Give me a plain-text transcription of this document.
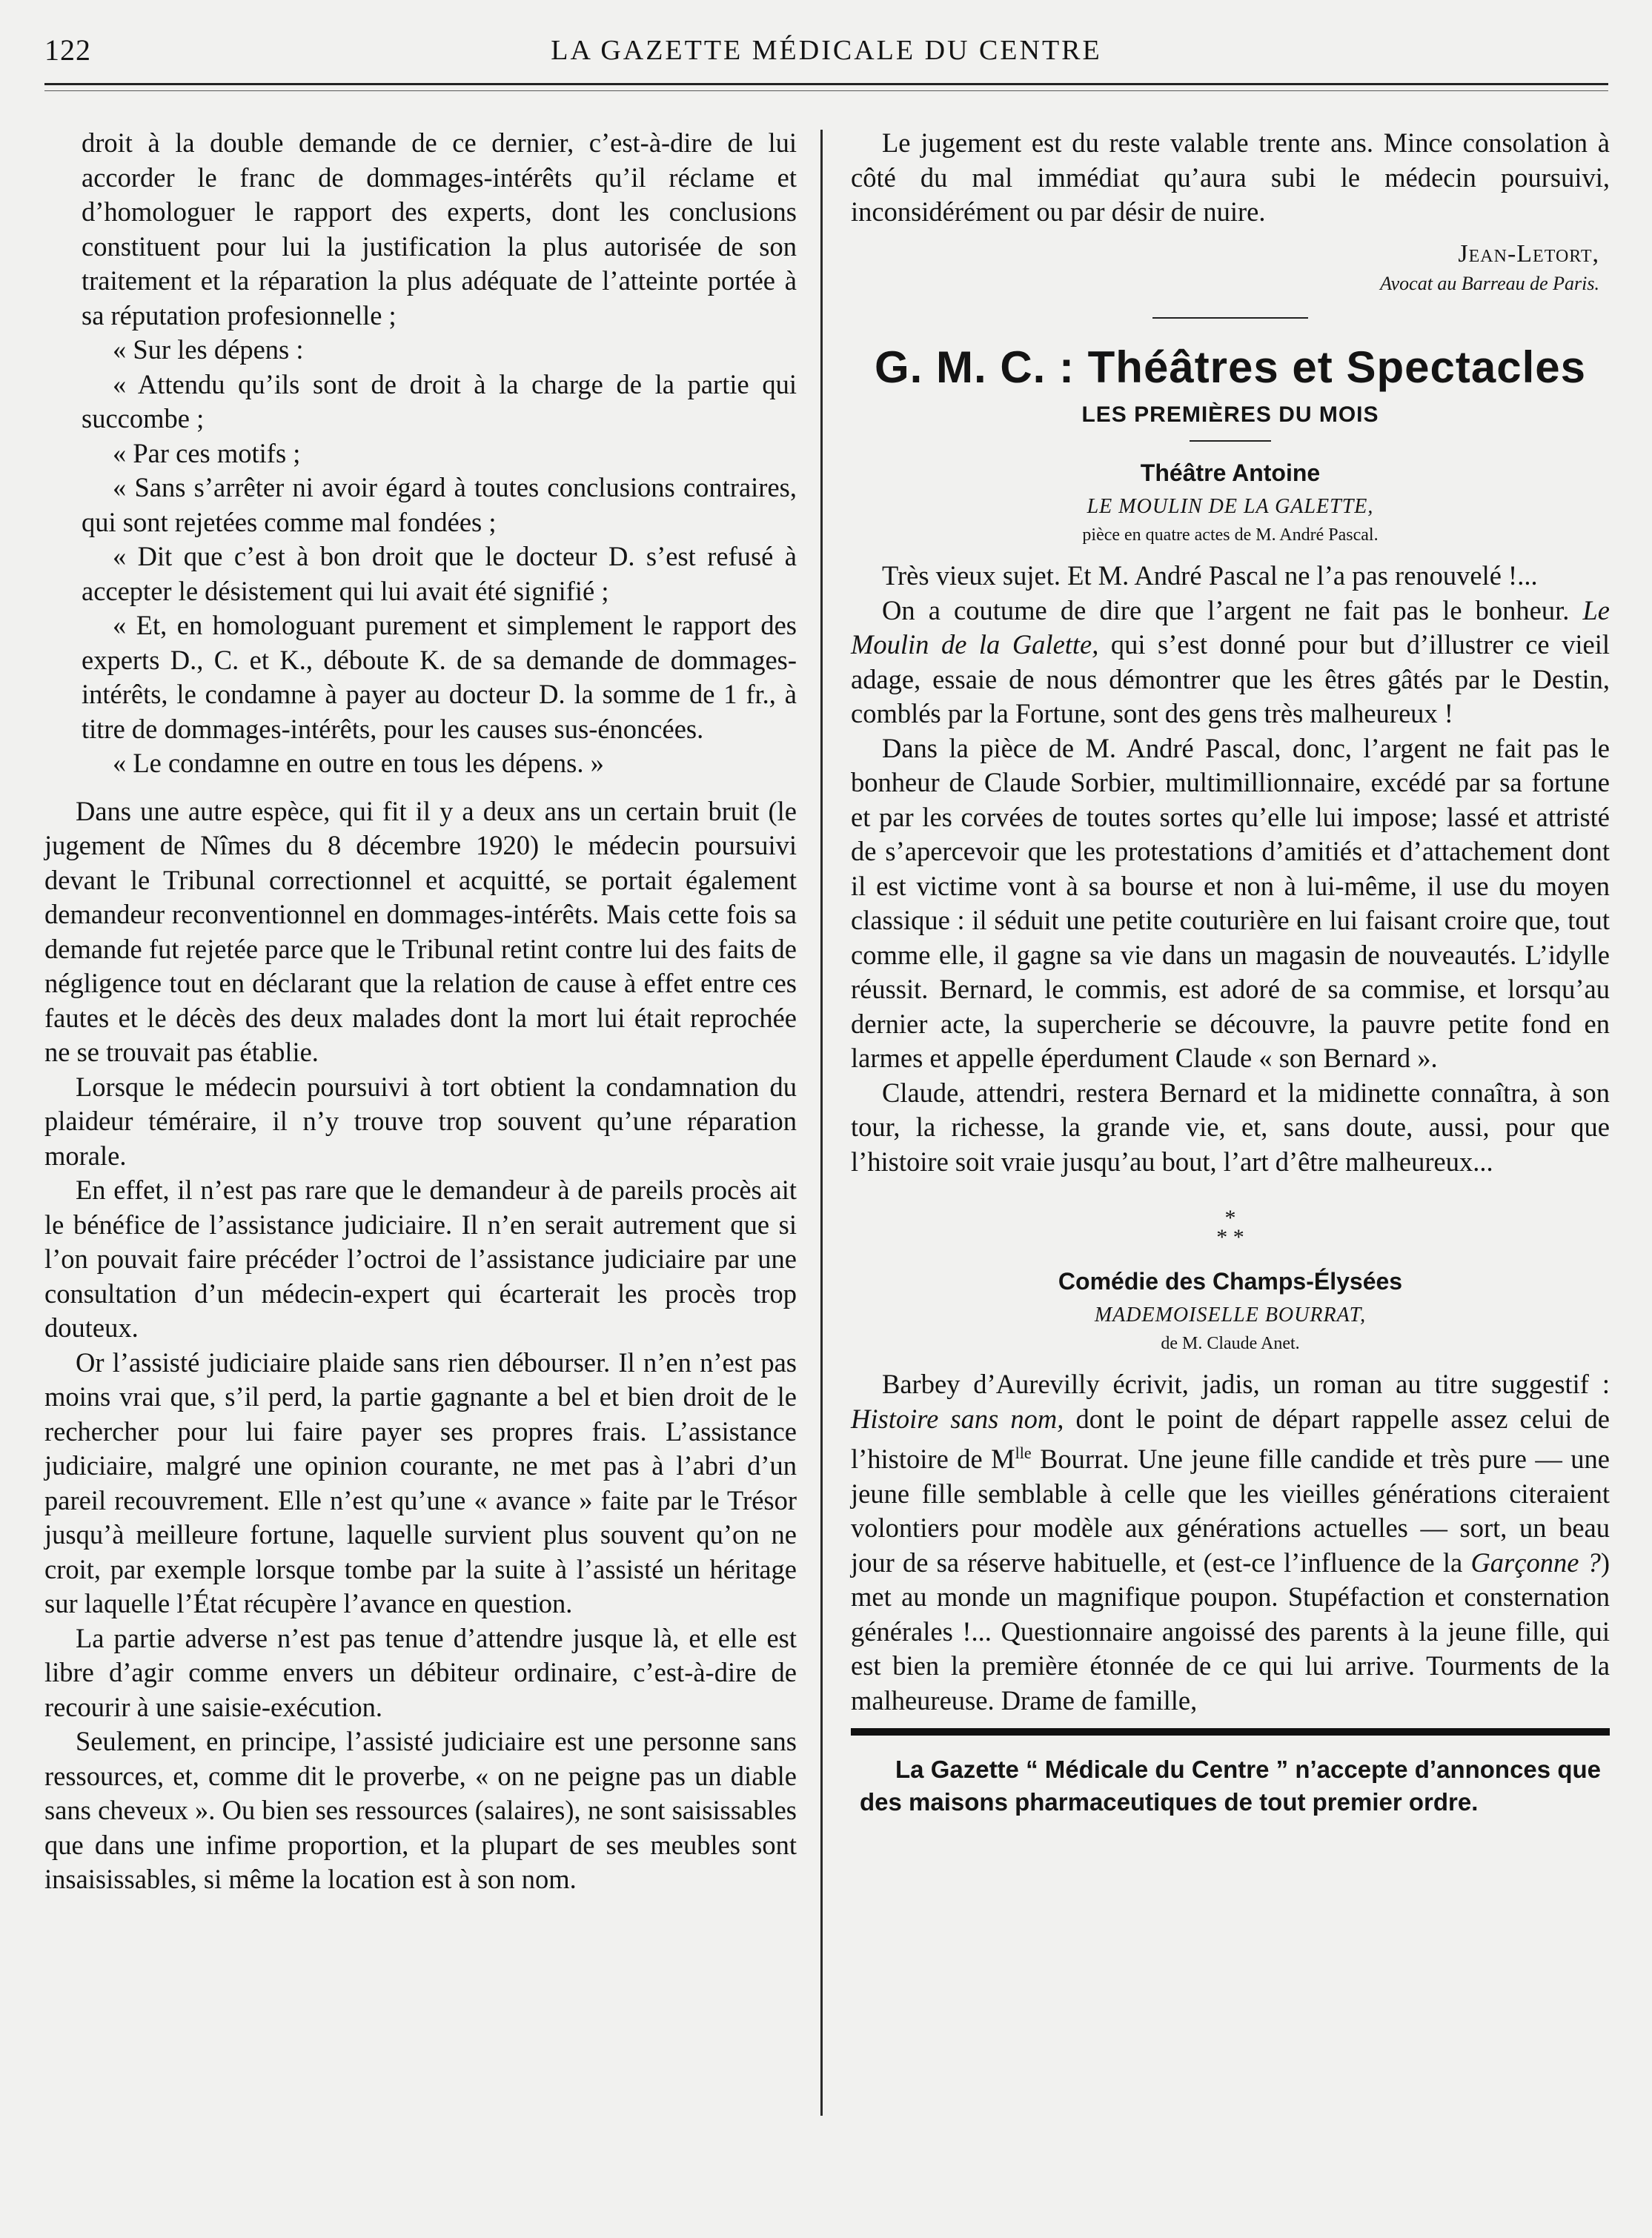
122	LA GAZETTE MÉDICALE DU CENTRE

droit à la double demande de ce dernier, c’est-à-dire de lui accorder le franc de dommages-intérêts qu’il réclame et d’homologuer le rapport des experts, dont les conclusions constituent pour lui la justification la plus autorisée de son traitement et la réparation la plus adéquate de l’atteinte portée à sa réputation profesionnelle ;

« Sur les dépens :

« Attendu qu’ils sont de droit à la charge de la partie qui succombe ;

« Par ces motifs ;

« Sans s’arrêter ni avoir égard à toutes conclusions contraires, qui sont rejetées comme mal fondées ;

« Dit que c’est à bon droit que le docteur D. s’est refusé à accepter le désistement qui lui avait été signifié ;

« Et, en homologuant purement et simplement le rapport des experts D., C. et K., déboute K. de sa demande de dommages-intérêts, le condamne à payer au docteur D. la somme de 1 fr., à titre de dommages-intérêts, pour les causes sus-énoncées.

« Le condamne en outre en tous les dépens. »

Dans une autre espèce, qui fit il y a deux ans un certain bruit (le jugement de Nîmes du 8 décembre 1920) le médecin poursuivi devant le Tribunal correctionnel et acquitté, se portait également demandeur reconventionnel en dommages-intérêts. Mais cette fois sa demande fut rejetée parce que le Tribunal retint contre lui des faits de négligence tout en déclarant que la relation de cause à effet entre ces fautes et le décès des deux malades dont la mort lui était reprochée ne se trouvait pas établie.

Lorsque le médecin poursuivi à tort obtient la condamnation du plaideur téméraire, il n’y trouve trop souvent qu’une réparation morale.

En effet, il n’est pas rare que le demandeur à de pareils procès ait le bénéfice de l’assistance judiciaire. Il n’en serait autrement que si l’on pouvait faire précéder l’octroi de l’assistance judiciaire par une consultation d’un médecin-expert qui écarterait les procès trop douteux.

Or l’assisté judiciaire plaide sans rien débourser. Il n’en n’est pas moins vrai que, s’il perd, la partie gagnante a bel et bien droit de le rechercher pour lui faire payer ses propres frais. L’assistance judiciaire, malgré une opinion courante, ne met pas à l’abri d’un pareil recouvrement. Elle n’est qu’une « avance » faite par le Trésor jusqu’à meilleure fortune, laquelle survient plus souvent qu’on ne croit, par exemple lorsque tombe par la suite à l’assisté un héritage sur laquelle l’État récupère l’avance en question.

La partie adverse n’est pas tenue d’attendre jusque là, et elle est libre d’agir comme envers un débiteur ordinaire, c’est-à-dire de recourir à une saisie-exécution.

Seulement, en principe, l’assisté judiciaire est une personne sans ressources, et, comme dit le proverbe, « on ne peigne pas un diable sans cheveux ». Ou bien ses ressources (salaires), ne sont saisissables que dans une infime proportion, et la plupart de ses meubles sont insaisissables, si même la location est à son nom.

Le jugement est du reste valable trente ans. Mince consolation à côté du mal immédiat qu’aura subi le médecin poursuivi, inconsidérément ou par désir de nuire.

Jean-Letort,
Avocat au Barreau de Paris.
G. M. C. : Théâtres et Spectacles
LES PREMIÈRES DU MOIS
Théâtre Antoine
LE MOULIN DE LA GALETTE,
pièce en quatre actes de M. André Pascal.

Très vieux sujet. Et M. André Pascal ne l’a pas renouvelé !...

On a coutume de dire que l’argent ne fait pas le bonheur. Le Moulin de la Galette, qui s’est donné pour but d’illustrer ce vieil adage, essaie de nous démontrer que les êtres gâtés par le Destin, comblés par la Fortune, sont des gens très malheureux !

Dans la pièce de M. André Pascal, donc, l’argent ne fait pas le bonheur de Claude Sorbier, multimillionnaire, excédé par sa fortune et par les corvées de toutes sortes qu’elle lui impose; lassé et attristé de s’apercevoir que les protestations d’amitiés et d’attachement dont il est victime vont à sa bourse et non à lui-même, il use du moyen classique : il séduit une petite couturière en lui faisant croire que, tout comme elle, il gagne sa vie dans un magasin de nouveautés. L’idylle réussit. Bernard, le commis, est adoré de sa commise, et lorsqu’au dernier acte, la supercherie se découvre, la pauvre petite fond en larmes et appelle éperdument Claude « son Bernard ».

Claude, attendri, restera Bernard et la midinette connaîtra, à son tour, la richesse, la grande vie, et, sans doute, aussi, pour que l’histoire soit vraie jusqu’au bout, l’art d’être malheureux...

*
* *
Comédie des Champs-Élysées
MADEMOISELLE BOURRAT,
de M. Claude Anet.

Barbey d’Aurevilly écrivit, jadis, un roman au titre suggestif : Histoire sans nom, dont le point de départ rappelle assez celui de l’histoire de $M^{lle}$ Bourrat. Une jeune fille candide et très pure — une jeune fille semblable à celle que les vieilles générations citeraient volontiers pour modèle aux générations actuelles — sort, un beau jour de sa réserve habituelle, et (est-ce l’influence de la Garçonne ?) met au monde un magnifique poupon. Stupéfaction et consternation générales !... Questionnaire angoissé des parents à la jeune fille, qui est bien la première étonnée de ce qui lui arrive. Tourments de la malheureuse. Drame de famille,

La Gazette “ Médicale du Centre ” n’accepte d’annonces que des maisons pharmaceutiques de tout premier ordre.
